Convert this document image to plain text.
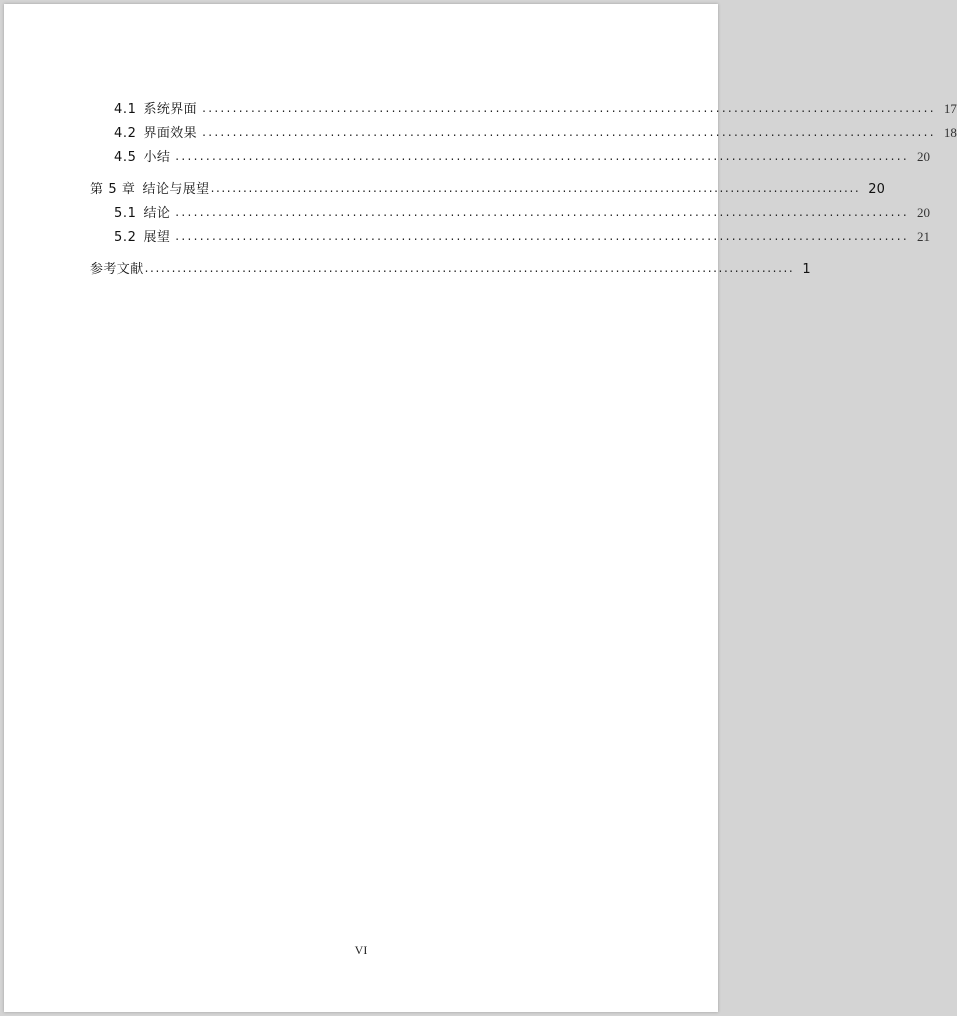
4.1 系统界面 ........................................................................................................................ 17
4.2 界面效果 ........................................................................................................................ 18
4.5 小结 ........................................................................................................................ 20
第 5 章 结论与展望 ........................................................................................................................ 20
5.1 结论 ........................................................................................................................ 20
5.2 展望 ........................................................................................................................ 21
参考文献 ........................................................................................................................ 1
VI
